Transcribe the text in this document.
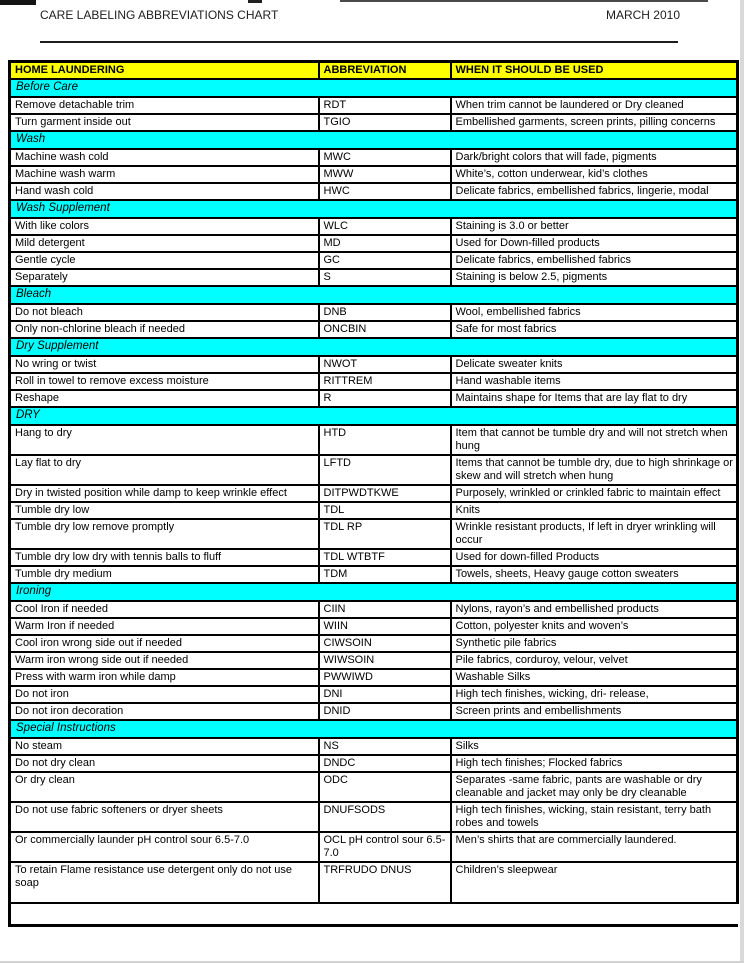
CARE LABELING ABBREVIATIONS CHART	MARCH 2010
HOME LAUNDERING	ABBREVIATION	WHEN IT SHOULD BE USED
Before Care		
Remove detachable trim	RDT	When trim cannot be laundered or Dry cleaned
Turn garment inside out	TGIO	Embellished garments, screen prints, pilling concerns
Wash		
Machine wash cold	MWC	Dark/bright colors that will fade, pigments
Machine wash warm	MWW	White’s, cotton underwear, kid’s clothes
Hand wash cold	HWC	Delicate fabrics, embellished fabrics, lingerie, modal
Wash Supplement		
With like colors	WLC	Staining is 3.0 or better
Mild detergent	MD	Used for Down-filled products
Gentle cycle	GC	Delicate fabrics, embellished fabrics
Separately	S	Staining is below 2.5, pigments
Bleach		
Do not bleach	DNB	Wool, embellished fabrics
Only non-chlorine bleach if needed	ONCBIN	Safe for most fabrics
Dry Supplement		
No wring or twist	NWOT	Delicate sweater knits
Roll in towel to remove excess moisture	RITTREM	Hand washable items
Reshape	R	Maintains shape for Items that are lay flat to dry
DRY		
Hang to dry	HTD	Item that cannot be tumble dry and will not stretch when hung
Lay flat to dry	LFTD	Items that cannot be tumble dry, due to high shrinkage or skew and will stretch when hung
Dry in twisted position while damp to keep wrinkle effect	DITPWDTKWE	Purposely, wrinkled or crinkled fabric to maintain effect
Tumble dry low	TDL	Knits
Tumble dry low remove promptly	TDL RP	Wrinkle resistant products, If left in dryer wrinkling will occur
Tumble dry low dry with tennis balls to fluff	TDL WTBTF	Used for down-filled Products
Tumble dry medium	TDM	Towels, sheets, Heavy gauge cotton sweaters
Ironing		
Cool Iron if needed	CIIN	Nylons, rayon’s and embellished products
Warm Iron if needed	WIIN	Cotton, polyester knits and woven’s
Cool iron wrong side out if needed	CIWSOIN	Synthetic pile fabrics
Warm iron wrong side out if needed	WIWSOIN	Pile fabrics, corduroy, velour, velvet
Press with warm iron while damp	PWWIWD	Washable Silks
Do not iron	DNI	High tech finishes, wicking, dri- release,
Do not iron decoration	DNID	Screen prints and embellishments
Special Instructions		
No steam	NS	Silks
Do not dry clean	DNDC	High tech finishes; Flocked fabrics
Or dry clean	ODC	Separates -same fabric, pants are washable or dry cleanable and jacket may only be dry cleanable
Do not use fabric softeners or dryer sheets	DNUFSODS	High tech finishes, wicking, stain resistant, terry bath robes and towels
Or commercially launder pH control sour 6.5-7.0	OCL pH control sour 6.5-7.0	Men’s shirts that are commercially laundered.
To retain Flame resistance use detergent only do not use soap	TRFRUDO DNUS	Children’s sleepwear
